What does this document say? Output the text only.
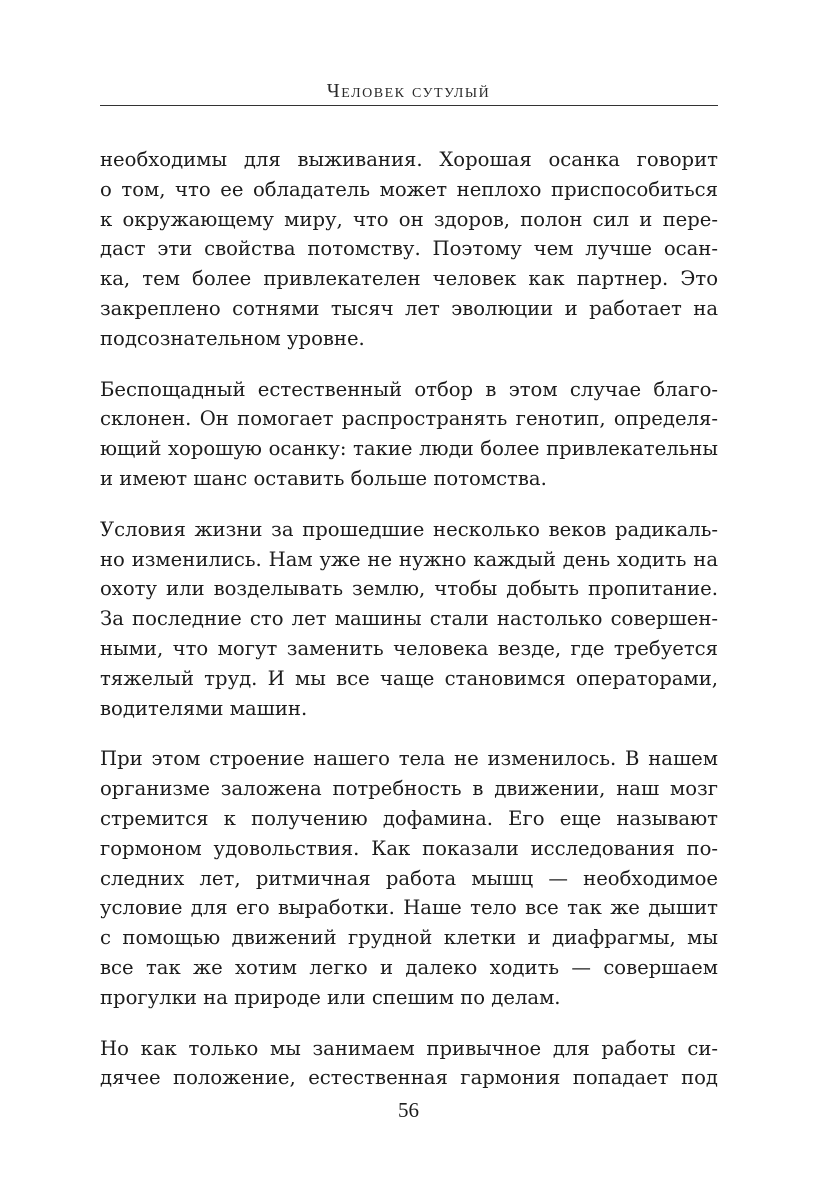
Человек сутулый

необходимы для выживания. Хорошая осанка говорит
о том, что ее обладатель может неплохо приспособиться
к окружающему миру, что он здоров, полон сил и пере-
даст эти свойства потомству. Поэтому чем лучше осан-
ка, тем более привлекателен человек как партнер. Это
закреплено сотнями тысяч лет эволюции и работает на
подсознательном уровне.

Беспощадный естественный отбор в этом случае благо-
склонен. Он помогает распространять генотип, определя-
ющий хорошую осанку: такие люди более привлекательны
и имеют шанс оставить больше потомства.

Условия жизни за прошедшие несколько веков радикаль-
но изменились. Нам уже не нужно каждый день ходить на
охоту или возделывать землю, чтобы добыть пропитание.
За последние сто лет машины стали настолько совершен-
ными, что могут заменить человека везде, где требуется
тяжелый труд. И мы все чаще становимся операторами,
водителями машин.

При этом строение нашего тела не изменилось. В нашем
организме заложена потребность в движении, наш мозг
стремится к получению дофамина. Его еще называют
гормоном удовольствия. Как показали исследования по-
следних лет, ритмичная работа мышц — необходимое
условие для его выработки. Наше тело все так же дышит
с помощью движений грудной клетки и диафрагмы, мы
все так же хотим легко и далеко ходить — совершаем
прогулки на природе или спешим по делам.

Но как только мы занимаем привычное для работы си-
дячее положение, естественная гармония попадает под

56
